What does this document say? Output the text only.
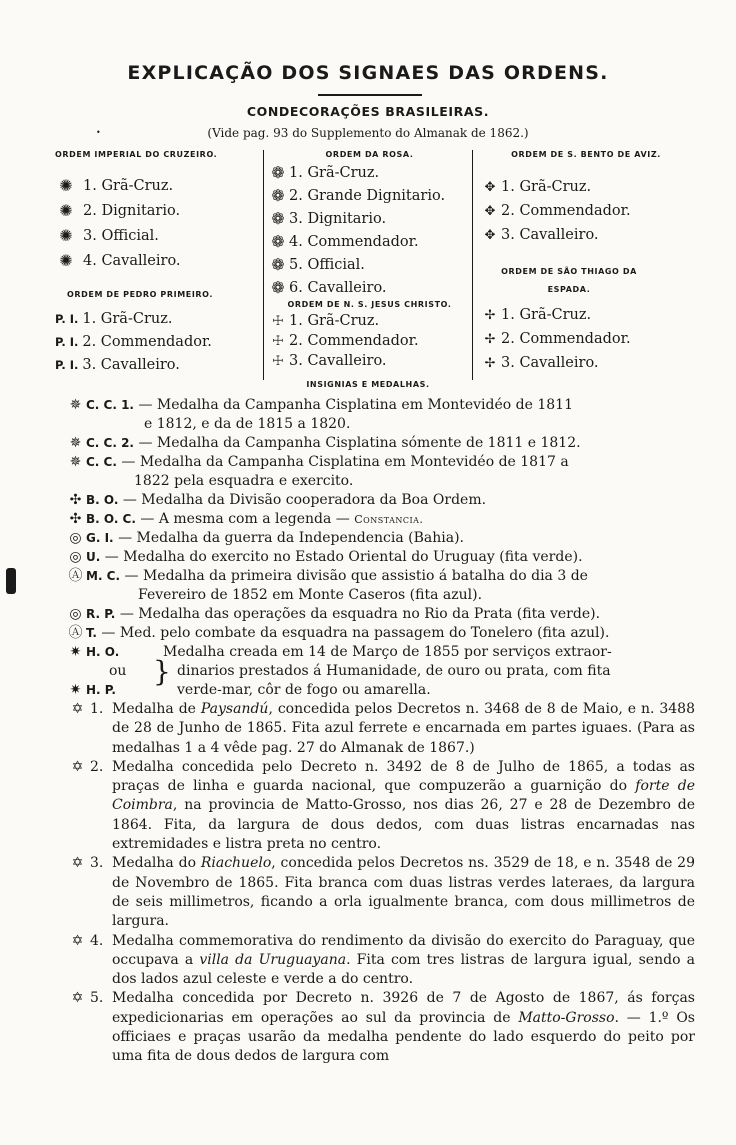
EXPLICAÇÃO DOS SIGNAES DAS ORDENS.
CONDECORAÇÕES BRASILEIRAS.
•	(Vide pag. 93 do Supplemento do Almanak de 1862.)
ORDEM IMPERIAL DO CRUZEIRO.
✺ 1. Grã-Cruz.
✺ 2. Dignitario.
✺ 3. Official.
✺ 4. Cavalleiro.
ORDEM DE PEDRO PRIMEIRO.
P. I. 1. Grã-Cruz.
P. I. 2. Commendador.
P. I. 3. Cavalleiro.
ORDEM DA ROSA.
❁ 1. Grã-Cruz.
❁ 2. Grande Dignitario.
❁ 3. Dignitario.
❁ 4. Commendador.
❁ 5. Official.
❁ 6. Cavalleiro.
ORDEM DE N. S. JESUS CHRISTO.
☩ 1. Grã-Cruz.
☩ 2. Commendador.
☩ 3. Cavalleiro.
ORDEM DE S. BENTO DE AVIZ.
✥ 1. Grã-Cruz.
✥ 2. Commendador.
✥ 3. Cavalleiro.
ORDEM DE SÃO THIAGO DA ESPADA.
✢ 1. Grã-Cruz.
✢ 2. Commendador.
✢ 3. Cavalleiro.
INSIGNIAS E MEDALHAS.
✵ C. C. 1. — Medalha da Campanha Cisplatina em Montevidéo de 1811
e 1812, e da de 1815 a 1820.
✵ C. C. 2. — Medalha da Campanha Cisplatina sómente de 1811 e 1812.
✵ C. C. — Medalha da Campanha Cisplatina em Montevidéo de 1817 a
1822 pela esquadra e exercito.
✣ B. O. — Medalha da Divisão cooperadora da Boa Ordem.
✣ B. O. C. — A mesma com a legenda — Constancia.
◎ G. I. — Medalha da guerra da Independencia (Bahia).
◎ U. — Medalha do exercito no Estado Oriental do Uruguay (fita verde).
Ⓐ M. C. — Medalha da primeira divisão que assistio á batalha do dia 3 de
Fevereiro de 1852 em Monte Caseros (fita azul).
◎ R. P. — Medalha das operações da esquadra no Rio da Prata (fita verde).
Ⓐ T. — Med. pelo combate da esquadra na passagem do Tonelero (fita azul).
✷ H. O.
ou
✷ H. P.
}
Medalha creada em 14 de Março de 1855 por serviços extraor-
dinarios prestados á Humanidade, de ouro ou prata, com fita
verde-mar, côr de fogo ou amarella.
✡ 1. Medalha de Paysandú, concedida pelos Decretos n. 3468 de 8 de Maio, e n. 3488 de 28 de Junho de 1865. Fita azul ferrete e encarnada em partes iguaes. (Para as medalhas 1 a 4 vêde pag. 27 do Almanak de 1867.)
✡ 2. Medalha concedida pelo Decreto n. 3492 de 8 de Julho de 1865, a todas as praças de linha e guarda nacional, que compuzerão a guarnição do forte de Coimbra, na provincia de Matto-Grosso, nos dias 26, 27 e 28 de Dezembro de 1864. Fita, da largura de dous dedos, com duas listras encarnadas nas extremidades e listra preta no centro.
✡ 3. Medalha do Riachuelo, concedida pelos Decretos ns. 3529 de 18, e n. 3548 de 29 de Novembro de 1865. Fita branca com duas listras verdes lateraes, da largura de seis millimetros, ficando a orla igualmente branca, com dous millimetros de largura.
✡ 4. Medalha commemorativa do rendimento da divisão do exercito do Paraguay, que occupava a villa da Uruguayana. Fita com tres listras de largura igual, sendo a dos lados azul celeste e verde a do centro.
✡ 5. Medalha concedida por Decreto n. 3926 de 7 de Agosto de 1867, ás forças expedicionarias em operações ao sul da provincia de Matto-Grosso. — 1.º Os officiaes e praças usarão da medalha pendente do lado esquerdo do peito por uma fita de dous dedos de largura com
